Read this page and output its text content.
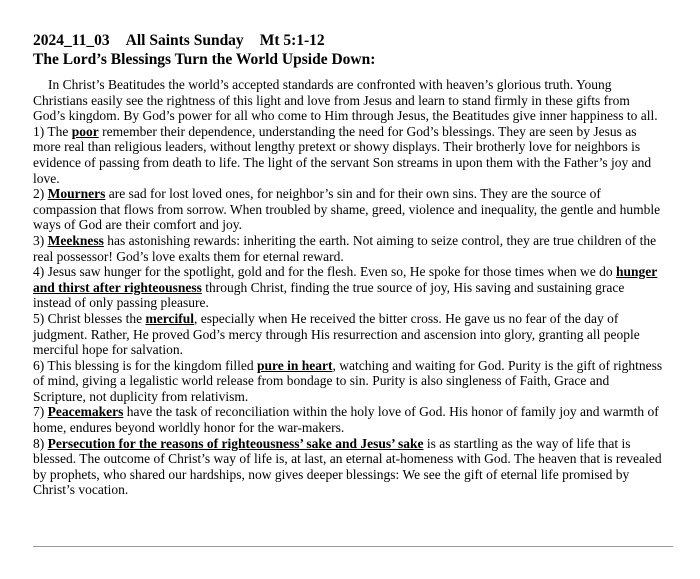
2024_11_03 All Saints Sunday Mt 5:1-12
The Lord’s Blessings Turn the World Upside Down:

In Christ’s Beatitudes the world’s accepted standards are confronted with heaven’s glorious truth. Young Christians easily see the rightness of this light and love from Jesus and learn to stand firmly in these gifts from God’s kingdom. By God’s power for all who come to Him through Jesus, the Beatitudes give inner happiness to all.

1) The poor remember their dependence, understanding the need for God’s blessings. They are seen by Jesus as more real than religious leaders, without lengthy pretext or showy displays. Their brotherly love for neighbors is evidence of passing from death to life. The light of the servant Son streams in upon them with the Father’s joy and love.

2) Mourners are sad for lost loved ones, for neighbor’s sin and for their own sins. They are the source of compassion that flows from sorrow. When troubled by shame, greed, violence and inequality, the gentle and humble ways of God are their comfort and joy.

3) Meekness has astonishing rewards: inheriting the earth. Not aiming to seize control, they are true children of the real possessor! God’s love exalts them for eternal reward.

4) Jesus saw hunger for the spotlight, gold and for the flesh. Even so, He spoke for those times when we do hunger and thirst after righteousness through Christ, finding the true source of joy, His saving and sustaining grace instead of only passing pleasure.

5) Christ blesses the merciful, especially when He received the bitter cross. He gave us no fear of the day of judgment. Rather, He proved God’s mercy through His resurrection and ascension into glory, granting all people merciful hope for salvation.

6) This blessing is for the kingdom filled pure in heart, watching and waiting for God. Purity is the gift of rightness of mind, giving a legalistic world release from bondage to sin. Purity is also singleness of Faith, Grace and Scripture, not duplicity from relativism.

7) Peacemakers have the task of reconciliation within the holy love of God. His honor of family joy and warmth of home, endures beyond worldly honor for the war-makers.

8) Persecution for the reasons of righteousness’ sake and Jesus’ sake is as startling as the way of life that is blessed. The outcome of Christ’s way of life is, at last, an eternal at-homeness with God. The heaven that is revealed by prophets, who shared our hardships, now gives deeper blessings: We see the gift of eternal life promised by Christ’s vocation.
